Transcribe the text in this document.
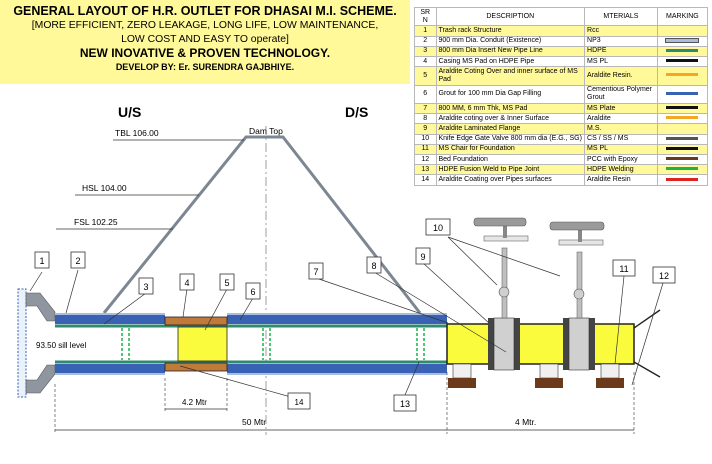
GENERAL LAYOUT OF H.R. OUTLET FOR DHASAI M.I. SCHEME.
[MORE EFFICIENT, ZERO LEAKAGE, LONG LIFE, LOW MAINTENANCE,
LOW COST AND EASY TO operate]
NEW INOVATIVE & PROVEN TECHNOLOGY.
DEVELOP BY: Er. SURENDRA GAJBHIYE.
SR N	DESCRIPTION	MTERIALS	MARKING
1	Trash rack Structure	Rcc	
2	900 mm Dia. Conduit (Existence)	NP3	
3	800 mm Dia Insert New Pipe Line	HDPE	
4	Casing MS Pad on HDPE Pipe	MS PL	
5	Araldite Coting Over and inner surface of MS Pad	Araldite Resin.	
6	Grout for 100 mm Dia Gap Filling	Cementious Polymer Grout	
7	800 MM, 6 mm Thk, MS Pad	MS Plate	
8	Araldite coting over & Inner Surface	Araldite	
9	Araldite Laminated Flange	M.S.	
10	Knife Edge Gate Valve 800 mm dia (E.G., SG)	CS / SS / MS	
11	MS Chair for Foundation	MS PL	
12	Bed Foundation	PCC with Epoxy	
13	HDPE Fusion Weld to Pipe Joint	HDPE Welding	
14	Araldite Coating over Pipes surfaces	Araldite Resin	
1	2
3	4	5
6
7
8
9
10
11
12
13
14
U/S	D/S
Dam Top
TBL 106.00
HSL 104.00
FSL 102.25
93.50 sill level
4.2 Mtr
50 Mtr	4 Mtr.
